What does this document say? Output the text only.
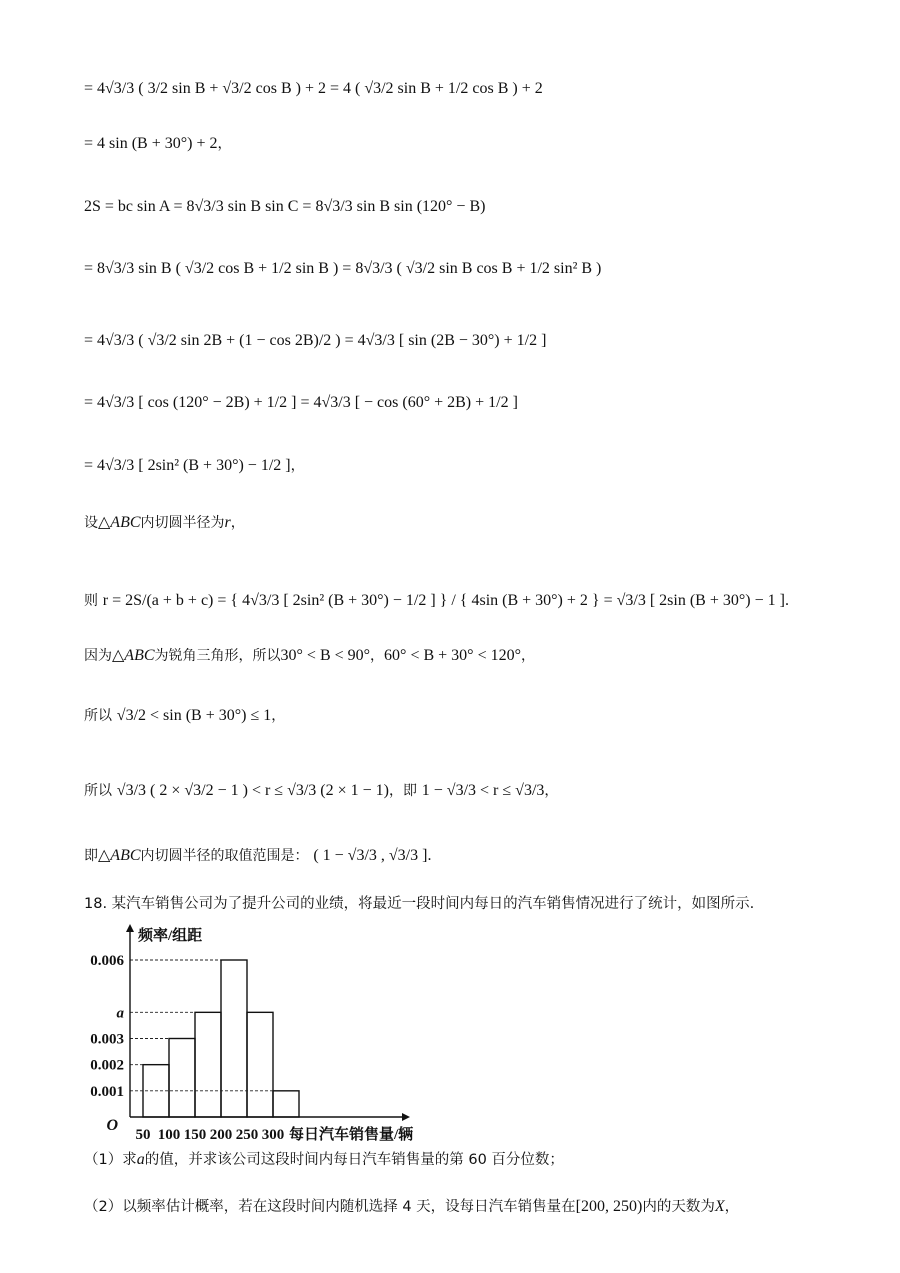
= 4√3/3 ( 3/2 sin B + √3/2 cos B ) + 2 = 4 ( √3/2 sin B + 1/2 cos B ) + 2
= 4 sin (B + 30°) + 2，
2S = bc sin A = 8√3/3 sin B sin C = 8√3/3 sin B sin (120° − B)
= 8√3/3 sin B ( √3/2 cos B + 1/2 sin B ) = 8√3/3 ( √3/2 sin B cos B + 1/2 sin² B )
= 4√3/3 ( √3/2 sin 2B + (1 − cos 2B)/2 ) = 4√3/3 [ sin (2B − 30°) + 1/2 ]
= 4√3/3 [ cos (120° − 2B) + 1/2 ] = 4√3/3 [ − cos (60° + 2B) + 1/2 ]
= 4√3/3 [ 2sin² (B + 30°) − 1/2 ]，
设△ABC内切圆半径为r，
则 r = 2S/(a + b + c) = { 4√3/3 [ 2sin² (B + 30°) − 1/2 ] } / { 4sin (B + 30°) + 2 } = √3/3 [ 2sin (B + 30°) − 1 ].
因为△ABC为锐角三角形，所以30° < B < 90°，60° < B + 30° < 120°，
所以 √3/2 < sin (B + 30°) ≤ 1，
所以 √3/3 ( 2 × √3/2 − 1 ) < r ≤ √3/3 (2 × 1 − 1)，即 1 − √3/3 < r ≤ √3/3，
即△ABC内切圆半径的取值范围是： ( 1 − √3/3 , √3/3 ].
18. 某汽车销售公司为了提升公司的业绩，将最近一段时间内每日的汽车销售情况进行了统计，如图所示.
0.001
0.002
0.003
a
0.006
频率/组距
O
50 100 150 200 250 300 每日汽车销售量/辆
（1）求a的值，并求该公司这段时间内每日汽车销售量的第 60 百分位数；
（2）以频率估计概率，若在这段时间内随机选择 4 天，设每日汽车销售量在[200, 250)内的天数为X，
